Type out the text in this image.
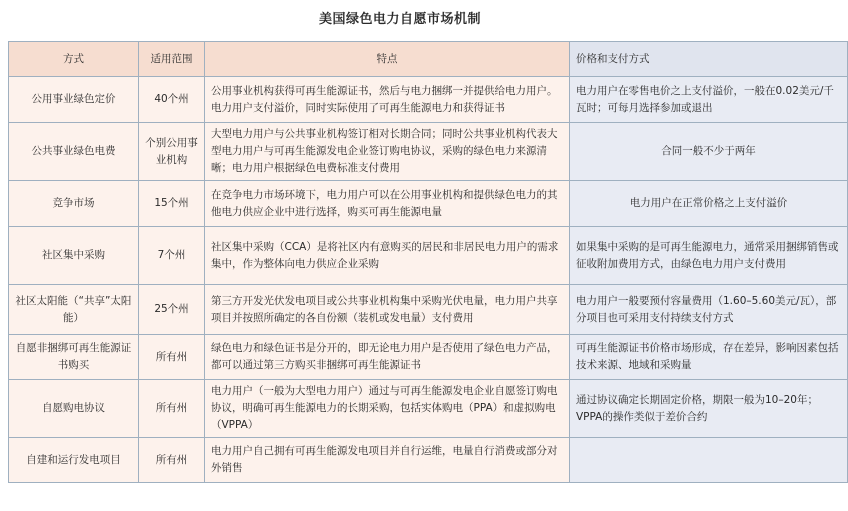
美国绿色电力自愿市场机制
方式	适用范围	特点	价格和支付方式
公用事业绿色定价	40个州	公用事业机构获得可再生能源证书，然后与电力捆绑一并提供给电力用户。电力用户支付溢价，同时实际使用了可再生能源电力和获得证书	电力用户在零售电价之上支付溢价，一般在0.02美元/千瓦时；可每月选择参加或退出
公共事业绿色电费	个别公用事业机构	大型电力用户与公共事业机构签订相对长期合同；同时公共事业机构代表大型电力用户与可再生能源发电企业签订购电协议，采购的绿色电力来源清晰；电力用户根据绿色电费标准支付费用	合同一般不少于两年
竞争市场	15个州	在竞争电力市场环境下，电力用户可以在公用事业机构和提供绿色电力的其他电力供应企业中进行选择，购买可再生能源电量	电力用户在正常价格之上支付溢价
社区集中采购	7个州	社区集中采购（CCA）是将社区内有意购买的居民和非居民电力用户的需求集中，作为整体向电力供应企业采购	如果集中采购的是可再生能源电力，通常采用捆绑销售或征收附加费用方式，由绿色电力用户支付费用
社区太阳能（“共享”太阳能）	25个州	第三方开发光伏发电项目或公共事业机构集中采购光伏电量，电力用户共享项目并按照所确定的各自份额（装机或发电量）支付费用	电力用户一般要预付容量费用（1.60–5.60美元/瓦），部分项目也可采用支付持续支付方式
自愿非捆绑可再生能源证书购买	所有州	绿色电力和绿色证书是分开的，即无论电力用户是否使用了绿色电力产品，都可以通过第三方购买非捆绑可再生能源证书	可再生能源证书价格市场形成，存在差异，影响因素包括技术来源、地域和采购量
自愿购电协议	所有州	电力用户（一般为大型电力用户）通过与可再生能源发电企业自愿签订购电协议，明确可再生能源电力的长期采购，包括实体购电（PPA）和虚拟购电（VPPA）	通过协议确定长期固定价格，期限一般为10–20年；VPPA的操作类似于差价合约
自建和运行发电项目	所有州	电力用户自己拥有可再生能源发电项目并自行运维，电量自行消费或部分对外销售	
